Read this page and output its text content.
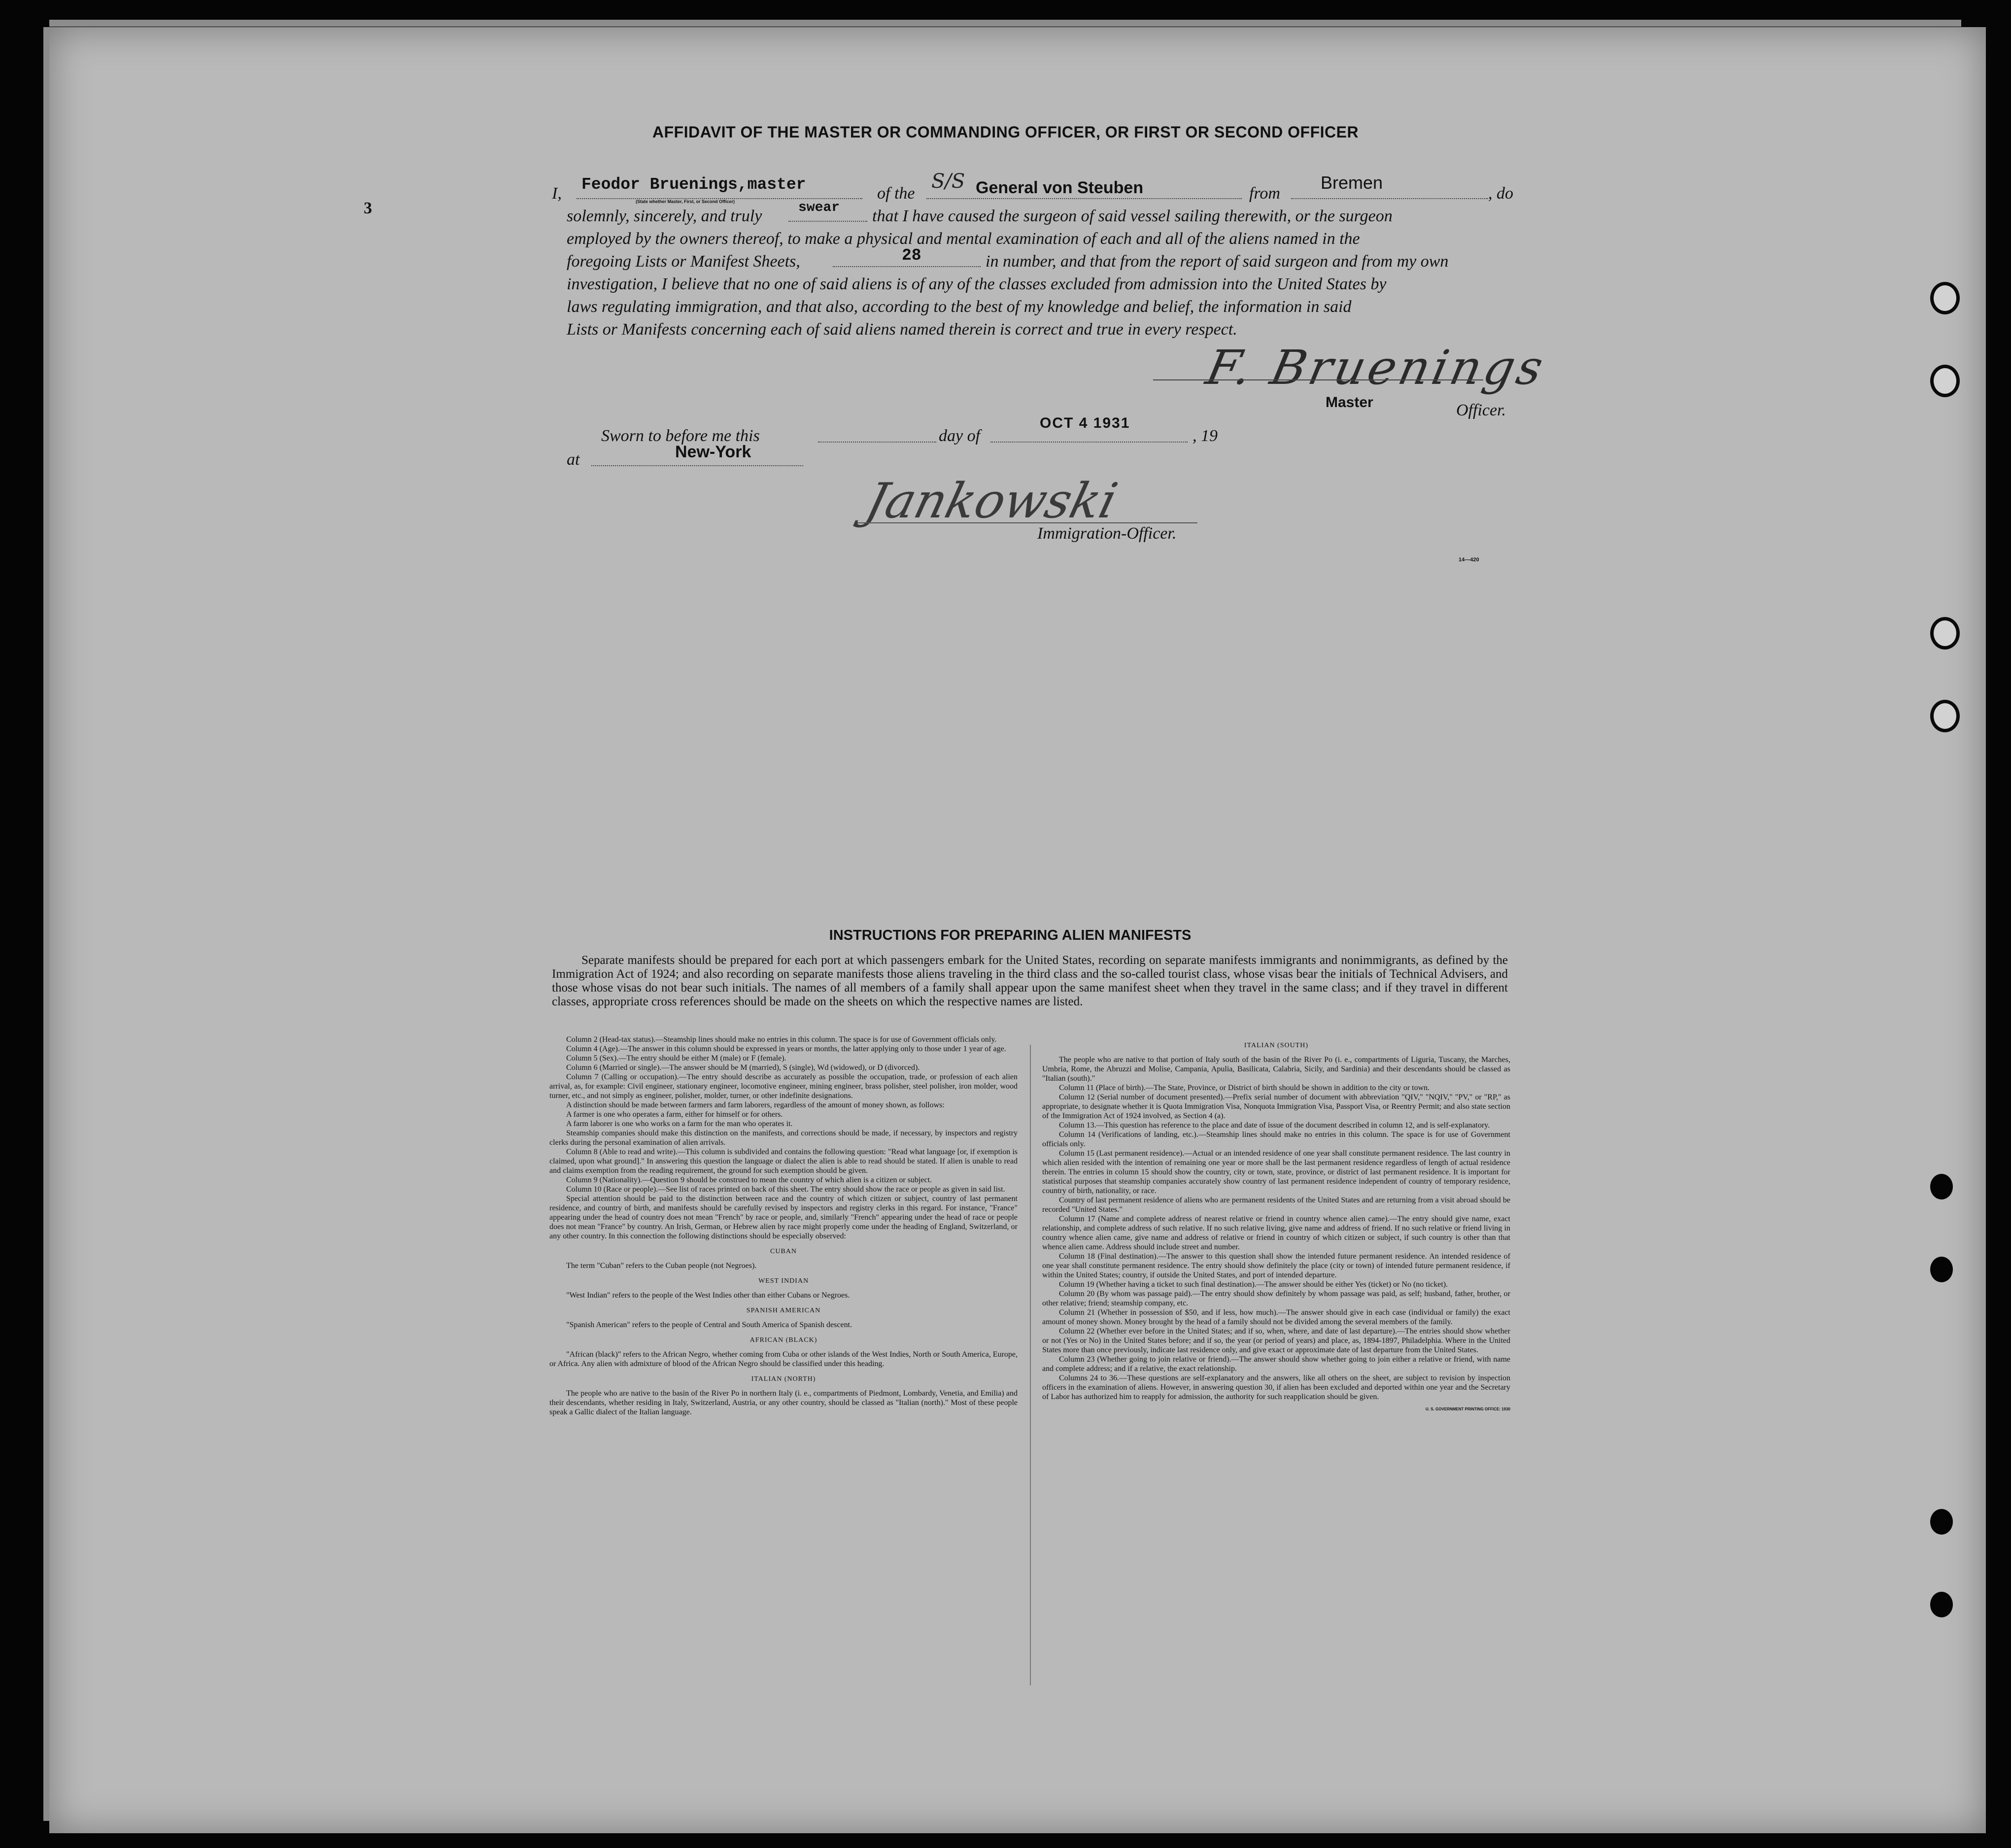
AFFIDAVIT OF THE MASTER OR COMMANDING OFFICER, OR FIRST OR SECOND OFFICER
3
I, Feodor Bruenings,master
(State whether Master, First, or Second Officer)	of the
S/S General von Steuben	from
Bremen
, do
solemnly, sincerely, and truly	swear that I have caused the surgeon of said vessel sailing therewith, or the surgeon
employed by the owners thereof, to make a physical and mental examination of each and all of the aliens named in the
foregoing Lists or Manifest Sheets,	28	in number, and that from the report of said surgeon and from my own
investigation, I believe that no one of said aliens is of any of the classes excluded from admission into the United States by
laws regulating immigration, and that also, according to the best of my knowledge and belief, the information in said
Lists or Manifests concerning each of said aliens named therein is correct and true in every respect.
F. Bruenings
Master	Officer.
Sworn to before me this	day of
OCT 4 1931
, 19
at	New-York
Jankowski
Immigration-Officer.
14—420
INSTRUCTIONS FOR PREPARING ALIEN MANIFESTS
Separate manifests should be prepared for each port at which passengers embark for the United States, recording on separate manifests immigrants and nonimmigrants, as defined by the Immigration Act of 1924; and also recording on separate manifests those aliens traveling in the third class and the so-called tourist class, whose visas bear the initials of Technical Advisers, and those whose visas do not bear such initials. The names of all members of a family shall appear upon the same manifest sheet when they travel in the same class; and if they travel in different classes, appropriate cross references should be made on the sheets on which the respective names are listed.

Column 2 (Head-tax status).—Steamship lines should make no entries in this column. The space is for use of Government officials only.

Column 4 (Age).—The answer in this column should be expressed in years or months, the latter applying only to those under 1 year of age.

Column 5 (Sex).—The entry should be either M (male) or F (female).

Column 6 (Married or single).—The answer should be M (married), S (single), Wd (widowed), or D (divorced).

Column 7 (Calling or occupation).—The entry should describe as accurately as possible the occupation, trade, or profession of each alien arrival, as, for example: Civil engineer, stationary engineer, locomotive engineer, mining engineer, brass polisher, steel polisher, iron molder, wood turner, etc., and not simply as engineer, polisher, molder, turner, or other indefinite designations.

A distinction should be made between farmers and farm laborers, regardless of the amount of money shown, as follows:

A farmer is one who operates a farm, either for himself or for others.

A farm laborer is one who works on a farm for the man who operates it.

Steamship companies should make this distinction on the manifests, and corrections should be made, if necessary, by inspectors and registry clerks during the personal examination of alien arrivals.

Column 8 (Able to read and write).—This column is subdivided and contains the following question: "Read what language [or, if exemption is claimed, upon what ground]." In answering this question the language or dialect the alien is able to read should be stated. If alien is unable to read and claims exemption from the reading requirement, the ground for such exemption should be given.

Column 9 (Nationality).—Question 9 should be construed to mean the country of which alien is a citizen or subject.

Column 10 (Race or people).—See list of races printed on back of this sheet. The entry should show the race or people as given in said list.

Special attention should be paid to the distinction between race and the country of which citizen or subject, country of last permanent residence, and country of birth, and manifests should be carefully revised by inspectors and registry clerks in this regard. For instance, "France" appearing under the head of country does not mean "French" by race or people, and, similarly "French" appearing under the head of race or people does not mean "France" by country. An Irish, German, or Hebrew alien by race might properly come under the heading of England, Switzerland, or any other country. In this connection the following distinctions should be especially observed:

CUBAN

The term "Cuban" refers to the Cuban people (not Negroes).

WEST INDIAN

"West Indian" refers to the people of the West Indies other than either Cubans or Negroes.

SPANISH AMERICAN

"Spanish American" refers to the people of Central and South America of Spanish descent.

AFRICAN (BLACK)

"African (black)" refers to the African Negro, whether coming from Cuba or other islands of the West Indies, North or South America, Europe, or Africa. Any alien with admixture of blood of the African Negro should be classified under this heading.

ITALIAN (NORTH)

The people who are native to the basin of the River Po in northern Italy (i. e., compartments of Piedmont, Lombardy, Venetia, and Emilia) and their descendants, whether residing in Italy, Switzerland, Austria, or any other country, should be classed as "Italian (north)." Most of these people speak a Gallic dialect of the Italian language.

ITALIAN (SOUTH)

The people who are native to that portion of Italy south of the basin of the River Po (i. e., compartments of Liguria, Tuscany, the Marches, Umbria, Rome, the Abruzzi and Molise, Campania, Apulia, Basilicata, Calabria, Sicily, and Sardinia) and their descendants should be classed as "Italian (south)."

Column 11 (Place of birth).—The State, Province, or District of birth should be shown in addition to the city or town.

Column 12 (Serial number of document presented).—Prefix serial number of document with abbreviation "QIV," "NQIV," "PV," or "RP," as appropriate, to designate whether it is Quota Immigration Visa, Nonquota Immigration Visa, Passport Visa, or Reentry Permit; and also state section of the Immigration Act of 1924 involved, as Section 4 (a).

Column 13.—This question has reference to the place and date of issue of the document described in column 12, and is self-explanatory.

Column 14 (Verifications of landing, etc.).—Steamship lines should make no entries in this column. The space is for use of Government officials only.

Column 15 (Last permanent residence).—Actual or an intended residence of one year shall constitute permanent residence. The last country in which alien resided with the intention of remaining one year or more shall be the last permanent residence regardless of length of actual residence therein. The entries in column 15 should show the country, city or town, state, province, or district of last permanent residence. It is important for statistical purposes that steamship companies accurately show country of last permanent residence independent of country of temporary residence, country of birth, nationality, or race.

Country of last permanent residence of aliens who are permanent residents of the United States and are returning from a visit abroad should be recorded "United States."

Column 17 (Name and complete address of nearest relative or friend in country whence alien came).—The entry should give name, exact relationship, and complete address of such relative. If no such relative living, give name and address of friend. If no such relative or friend living in country whence alien came, give name and address of relative or friend in country of which citizen or subject, if such country is other than that whence alien came. Address should include street and number.

Column 18 (Final destination).—The answer to this question shall show the intended future permanent residence. An intended residence of one year shall constitute permanent residence. The entry should show definitely the place (city or town) of intended future permanent residence, if within the United States; country, if outside the United States, and port of intended departure.

Column 19 (Whether having a ticket to such final destination).—The answer should be either Yes (ticket) or No (no ticket).

Column 20 (By whom was passage paid).—The entry should show definitely by whom passage was paid, as self; husband, father, brother, or other relative; friend; steamship company, etc.

Column 21 (Whether in possession of $50, and if less, how much).—The answer should give in each case (individual or family) the exact amount of money shown. Money brought by the head of a family should not be divided among the several members of the family.

Column 22 (Whether ever before in the United States; and if so, when, where, and date of last departure).—The entries should show whether or not (Yes or No) in the United States before; and if so, the year (or period of years) and place, as, 1894-1897, Philadelphia. Where in the United States more than once previously, indicate last residence only, and give exact or approximate date of last departure from the United States.

Column 23 (Whether going to join relative or friend).—The answer should show whether going to join either a relative or friend, with name and complete address; and if a relative, the exact relationship.

Columns 24 to 36.—These questions are self-explanatory and the answers, like all others on the sheet, are subject to revision by inspection officers in the examination of aliens. However, in answering question 30, if alien has been excluded and deported within one year and the Secretary of Labor has authorized him to reapply for admission, the authority for such reapplication should be given.

U. S. GOVERNMENT PRINTING OFFICE: 1930
